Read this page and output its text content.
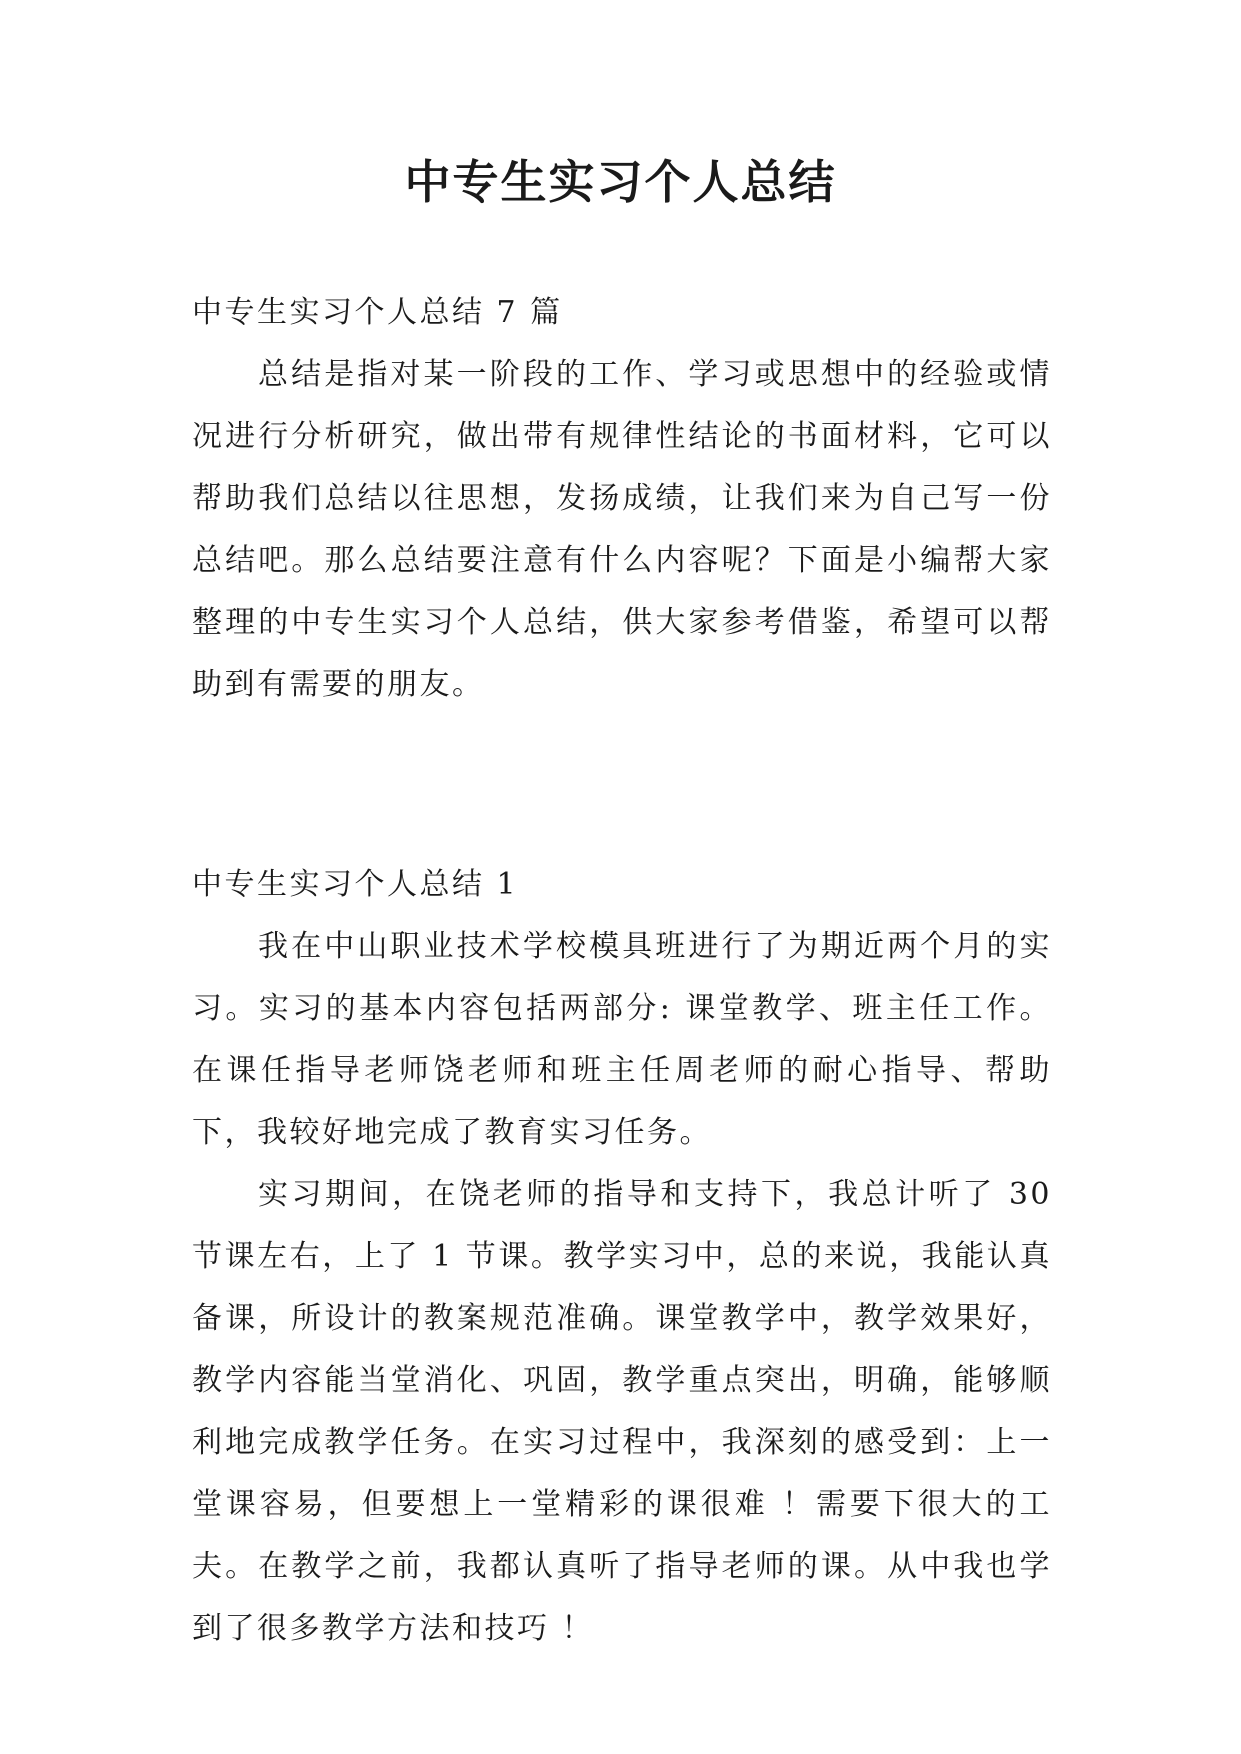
中专生实习个人总结

中专生实习个人总结 7 篇

总结是指对某一阶段的工作、学习或思想中的经验或情况进行分析研究，做出带有规律性结论的书面材料，它可以帮助我们总结以往思想，发扬成绩，让我们来为自己写一份总结吧。那么总结要注意有什么内容呢？下面是小编帮大家整理的中专生实习个人总结，供大家参考借鉴，希望可以帮助到有需要的朋友。

中专生实习个人总结 1

我在中山职业技术学校模具班进行了为期近两个月的实习。实习的基本内容包括两部分: 课堂教学、班主任工作。在课任指导老师饶老师和班主任周老师的耐心指导、帮助下，我较好地完成了教育实习任务。

实习期间，在饶老师的指导和支持下，我总计听了 30 节课左右，上了 1 节课。教学实习中，总的来说，我能认真备课，所设计的教案规范准确。课堂教学中，教学效果好，教学内容能当堂消化、巩固，教学重点突出，明确，能够顺利地完成教学任务。在实习过程中，我深刻的感受到：上一堂课容易，但要想上一堂精彩的课很难 ！需要下很大的工夫。在教学之前，我都认真听了指导老师的课。从中我也学到了很多教学方法和技巧 ！
